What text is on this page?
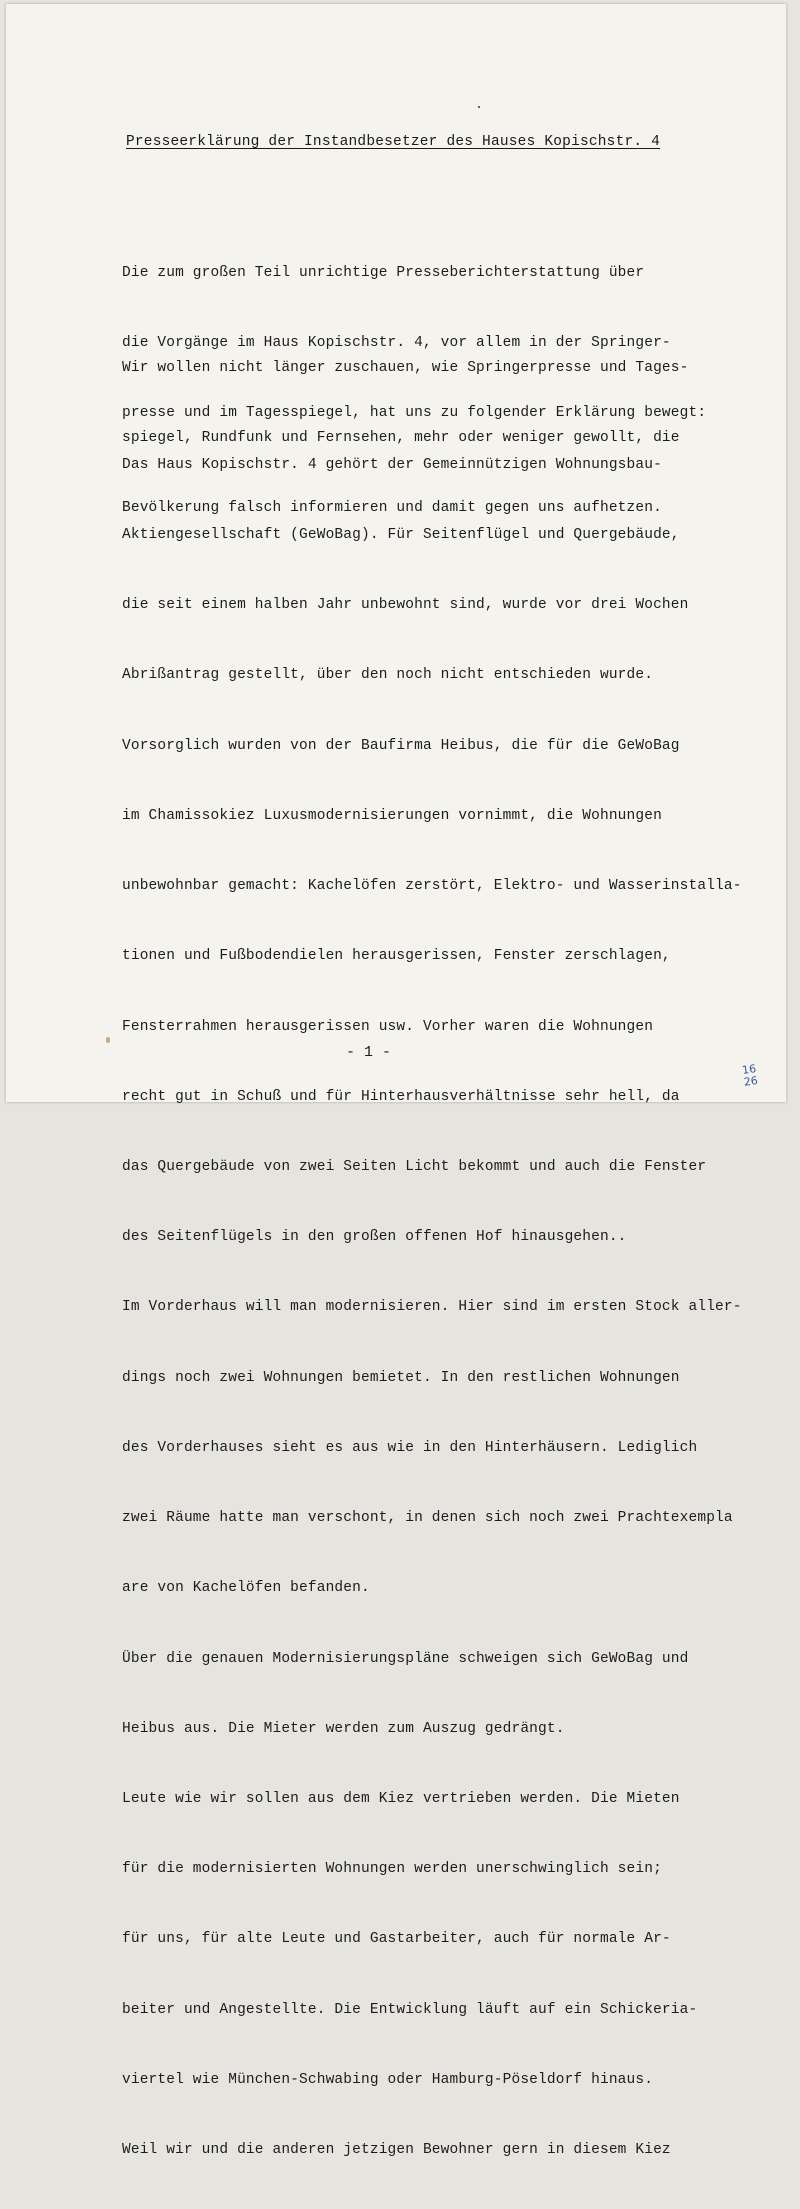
Presseerklärung der Instandbesetzer des Hauses Kopischstr. 4

Die zum großen Teil unrichtige Presseberichterstattung über

die Vorgänge im Haus Kopischstr. 4, vor allem in der Springer-

presse und im Tagesspiegel, hat uns zu folgender Erklärung bewegt:

Wir wollen nicht länger zuschauen, wie Springerpresse und Tages-

spiegel, Rundfunk und Fernsehen, mehr oder weniger gewollt, die

Bevölkerung falsch informieren und damit gegen uns aufhetzen.

Das Haus Kopischstr. 4 gehört der Gemeinnützigen Wohnungsbau-

Aktiengesellschaft (GeWoBag). Für Seitenflügel und Quergebäude,

die seit einem halben Jahr unbewohnt sind, wurde vor drei Wochen

Abrißantrag gestellt, über den noch nicht entschieden wurde.

Vorsorglich wurden von der Baufirma Heibus, die für die GeWoBag

im Chamissokiez Luxusmodernisierungen vornimmt, die Wohnungen

unbewohnbar gemacht: Kachelöfen zerstört, Elektro- und Wasserinstalla-

tionen und Fußbodendielen herausgerissen, Fenster zerschlagen,

Fensterrahmen herausgerissen usw. Vorher waren die Wohnungen

recht gut in Schuß und für Hinterhausverhältnisse sehr hell, da

das Quergebäude von zwei Seiten Licht bekommt und auch die Fenster

des Seitenflügels in den großen offenen Hof hinausgehen..

Im Vorderhaus will man modernisieren. Hier sind im ersten Stock aller-

dings noch zwei Wohnungen bemietet. In den restlichen Wohnungen

des Vorderhauses sieht es aus wie in den Hinterhäusern. Lediglich

zwei Räume hatte man verschont, in denen sich noch zwei Prachtexempla

are von Kachelöfen befanden.

Über die genauen Modernisierungspläne schweigen sich GeWoBag und

Heibus aus. Die Mieter werden zum Auszug gedrängt.

Leute wie wir sollen aus dem Kiez vertrieben werden. Die Mieten

für die modernisierten Wohnungen werden unerschwinglich sein;

für uns, für alte Leute und Gastarbeiter, auch für normale Ar-

beiter und Angestellte. Die Entwicklung läuft auf ein Schickeria-

viertel wie München-Schwabing oder Hamburg-Pöseldorf hinaus.

Weil wir und die anderen jetzigen Bewohner gern in diesem Kiez

- 1 -
16
26
